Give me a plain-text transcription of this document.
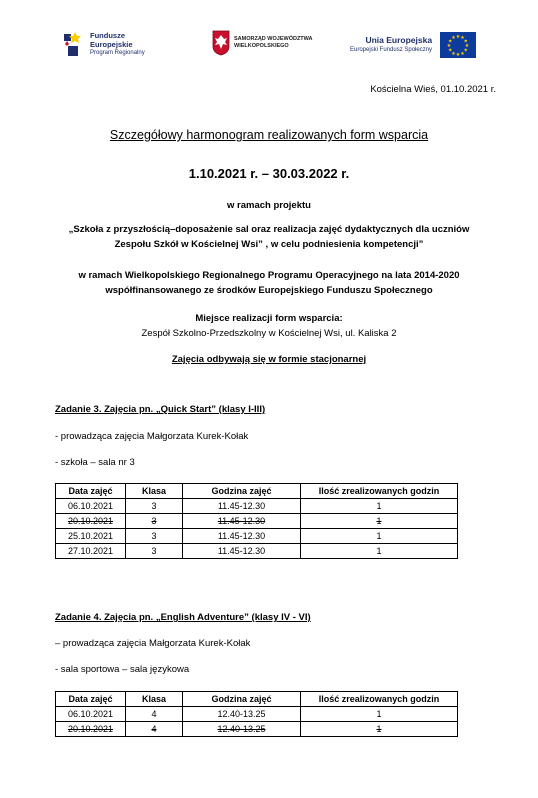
Fundusze
Europejskie
Program Regionalny
SAMORZĄD WOJEWÓDZTWA
WIELKOPOLSKIEGO
Unia Europejska
Europejski Fundusz Społeczny
★ ★
★
★
★
★
★
★
★
★
★
★
Kościelna Wieś, 01.10.2021 r.
Szczegółowy harmonogram realizowanych form wsparcia
1.10.2021 r. – 30.03.2022 r.
w ramach projektu
„Szkoła z przyszłością–doposażenie sal oraz realizacja zajęć dydaktycznych dla uczniów
Zespołu Szkół w Kościelnej Wsi” , w celu podniesienia kompetencji”
w ramach Wielkopolskiego Regionalnego Programu Operacyjnego na lata 2014-2020
współfinansowanego ze środków Europejskiego Funduszu Społecznego
Miejsce realizacji form wsparcia:
Zespół Szkolno-Przedszkolny w Kościelnej Wsi, ul. Kaliska 2
Zajęcia odbywają się w formie stacjonarnej
Zadanie 3. Zajęcia pn. „Quick Start” (klasy I-III)
- prowadząca zajęcia Małgorzata Kurek-Kołak
- szkoła – sala nr 3
Data zajęć	Klasa	Godzina zajęć	Ilość zrealizowanych godzin
06.10.2021	3	11.45-12.30	1
20.10.2021	3	11.45-12.30	1
25.10.2021	3	11.45-12.30	1
27.10.2021	3	11.45-12.30	1
Zadanie 4. Zajęcia pn. „English Adventure” (klasy IV - VI)
– prowadząca zajęcia Małgorzata Kurek-Kołak
- sala sportowa – sala językowa
Data zajęć	Klasa	Godzina zajęć	Ilość zrealizowanych godzin
06.10.2021	4	12.40-13.25	1
20.10.2021	4	12.40-13.25	1
